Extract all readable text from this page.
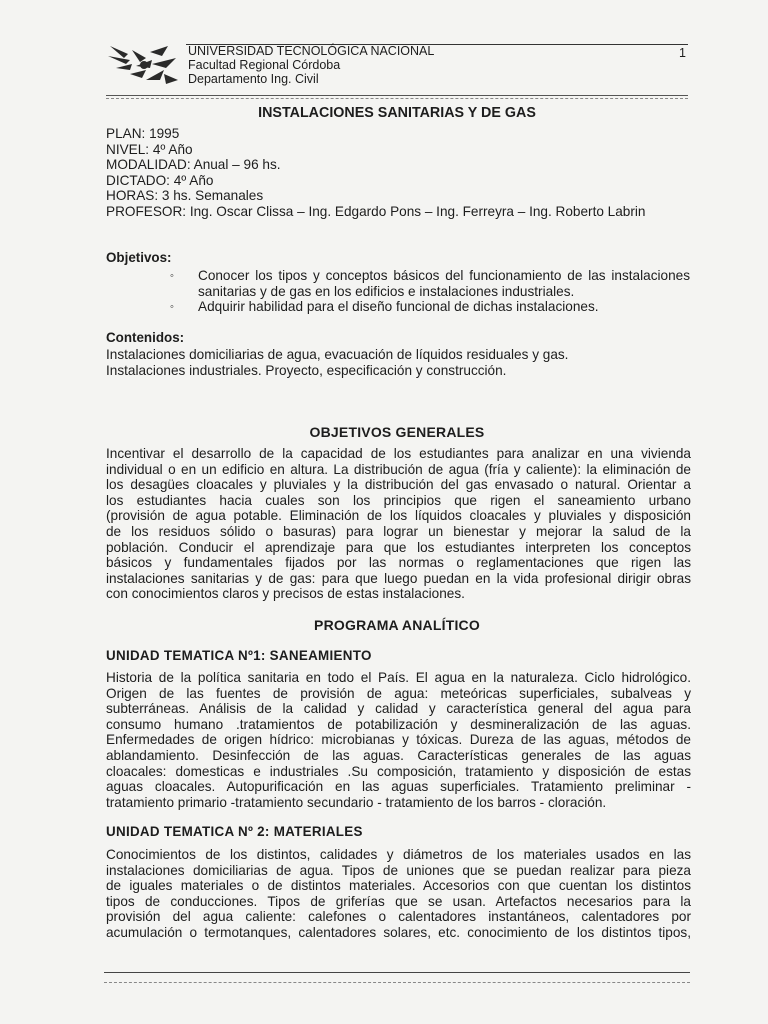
UNIVERSIDAD TECNOLÓGICA NACIONAL
Facultad Regional Córdoba
Departamento Ing. Civil
1
INSTALACIONES SANITARIAS Y DE GAS
PLAN: 1995
NIVEL: 4º Año
MODALIDAD: Anual – 96 hs.
DICTADO: 4º Año
HORAS: 3 hs. Semanales
PROFESOR: Ing. Oscar Clissa – Ing. Edgardo Pons – Ing. Ferreyra – Ing. Roberto Labrin
Objetivos:
◦ Conocer los tipos y conceptos básicos del funcionamiento de las instalaciones sanitarias y de gas en los edificios e instalaciones industriales.
◦ Adquirir habilidad para el diseño funcional de dichas instalaciones.
Contenidos:
Instalaciones domiciliarias de agua, evacuación de líquidos residuales y gas.
Instalaciones industriales. Proyecto, especificación y construcción.
OBJETIVOS GENERALES
Incentivar el desarrollo de la capacidad de los estudiantes para analizar en una vivienda
individual o en un edificio en altura. La distribución de agua (fría y caliente): la eliminación de
los desagües cloacales y pluviales y la distribución del gas envasado o natural. Orientar a
los estudiantes hacia cuales son los principios que rigen el saneamiento urbano
(provisión de agua potable. Eliminación de los líquidos cloacales y pluviales y disposición
de los residuos sólido o basuras) para lograr un bienestar y mejorar la salud de la
población. Conducir el aprendizaje para que los estudiantes interpreten los conceptos
básicos y fundamentales fijados por las normas o reglamentaciones que rigen las
instalaciones sanitarias y de gas: para que luego puedan en la vida profesional dirigir obras
con conocimientos claros y precisos de estas instalaciones.
PROGRAMA ANALÍTICO
UNIDAD TEMATICA Nº1: SANEAMIENTO
Historia de la política sanitaria en todo el País. El agua en la naturaleza. Ciclo hidrológico.
Origen de las fuentes de provisión de agua: meteóricas superficiales, subalveas y
subterráneas. Análisis de la calidad y calidad y característica general del agua para
consumo humano .tratamientos de potabilización y desmineralización de las aguas.
Enfermedades de origen hídrico: microbianas y tóxicas. Dureza de las aguas, métodos de
ablandamiento. Desinfección de las aguas. Características generales de las aguas
cloacales: domesticas e industriales .Su composición, tratamiento y disposición de estas
aguas cloacales. Autopurificación en las aguas superficiales. Tratamiento preliminar -
tratamiento primario -tratamiento secundario - tratamiento de los barros - cloración.
UNIDAD TEMATICA Nº 2: MATERIALES
Conocimientos de los distintos, calidades y diámetros de los materiales usados en las
instalaciones domiciliarias de agua. Tipos de uniones que se puedan realizar para pieza
de iguales materiales o de distintos materiales. Accesorios con que cuentan los distintos
tipos de conducciones. Tipos de griferías que se usan. Artefactos necesarios para la
provisión del agua caliente: calefones o calentadores instantáneos, calentadores por
acumulación o termotanques, calentadores solares, etc. conocimiento de los distintos tipos,
